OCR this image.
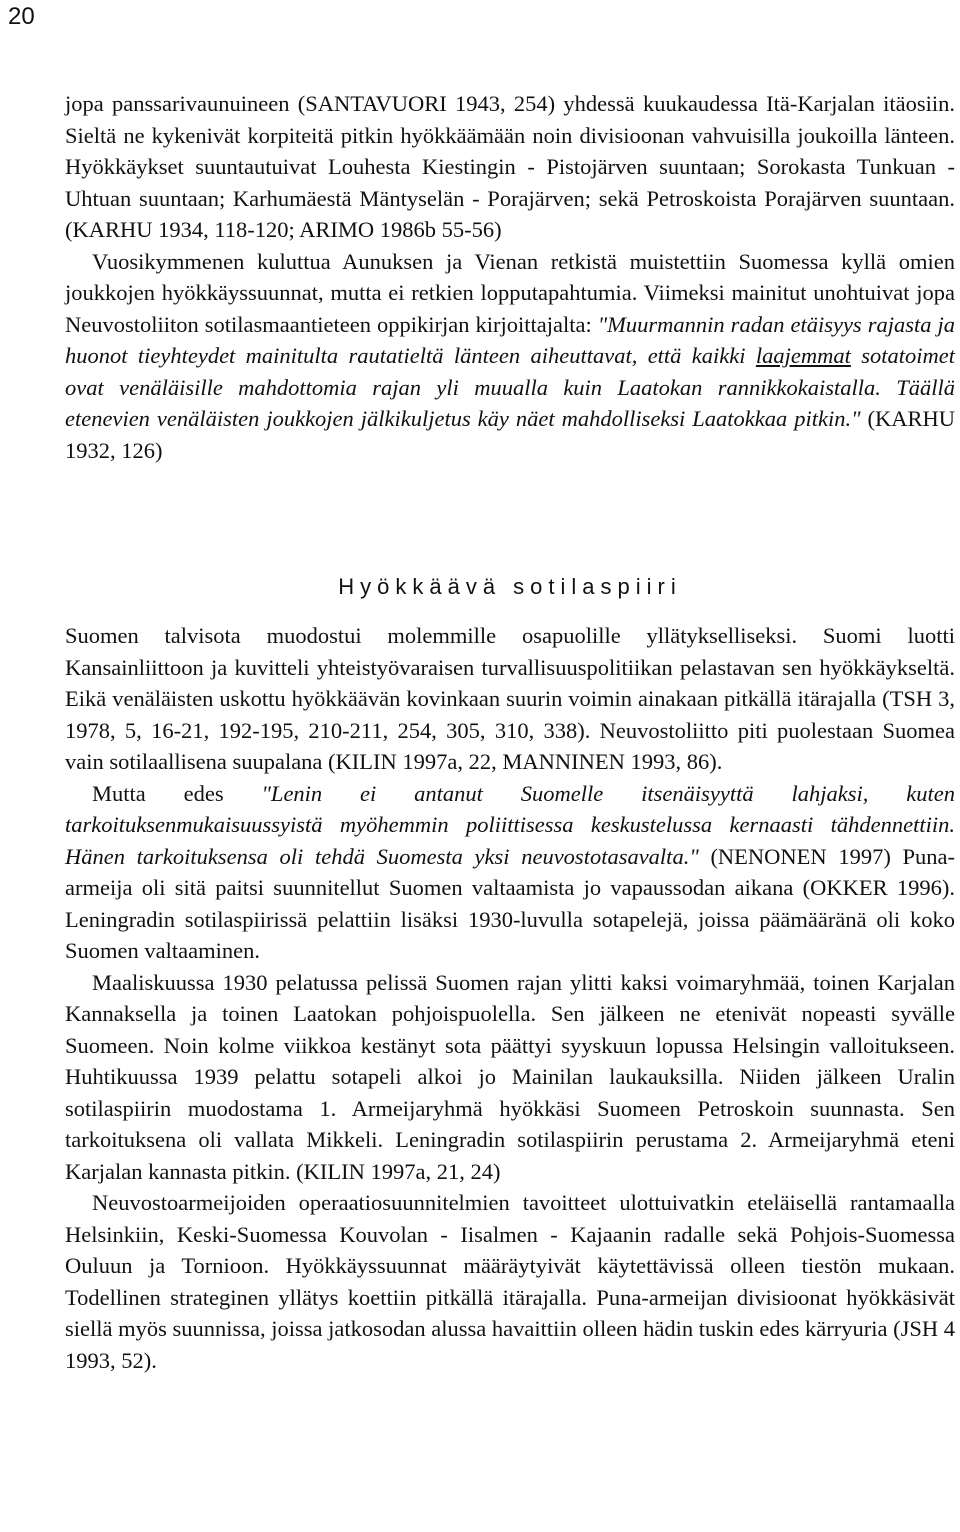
20

jopa panssarivaunuineen (SANTAVUORI 1943, 254) yhdessä kuukaudessa Itä-Karjalan itäosiin. Sieltä ne kykenivät korpiteitä pitkin hyökkäämään noin divisioonan vahvuisilla joukoilla länteen. Hyökkäykset suuntautuivat Louhesta Kiestingin - Pistojärven suuntaan; Sorokasta Tunkuan - Uhtuan suuntaan; Karhumäestä Mäntyselän - Porajärven; sekä Petroskoista Porajärven suuntaan. (KARHU 1934, 118-120; ARIMO 1986b 55-56)

Vuosikymmenen kuluttua Aunuksen ja Vienan retkistä muistettiin Suomessa kyllä omien joukkojen hyökkäyssuunnat, mutta ei retkien lopputapahtumia. Viimeksi mainitut unohtuivat jopa Neuvostoliiton sotilasmaantieteen oppikirjan kirjoittajalta: "Muurmannin radan etäisyys rajasta ja huonot tieyhteydet mainitulta rautatieltä länteen aiheuttavat, että kaikki laajemmat sotatoimet ovat venäläisille mahdottomia rajan yli muualla kuin Laatokan rannikkokaistalla. Täällä etenevien venäläisten joukkojen jälkikuljetus käy näet mahdolliseksi Laatokkaa pitkin." (KARHU 1932, 126)

Hyökkäävä sotilaspiiri

Suomen talvisota muodostui molemmille osapuolille yllätykselliseksi. Suomi luotti Kansainliittoon ja kuvitteli yhteistyövaraisen turvallisuuspolitiikan pelastavan sen hyökkäykseltä. Eikä venäläisten uskottu hyökkäävän kovinkaan suurin voimin ainakaan pitkällä itärajalla (TSH 3, 1978, 5, 16-21, 192-195, 210-211, 254, 305, 310, 338). Neuvostoliitto piti puolestaan Suomea vain sotilaallisena suupalana (KILIN 1997a, 22, MANNINEN 1993, 86).

Mutta edes "Lenin ei antanut Suomelle itsenäisyyttä lahjaksi, kuten tarkoituksenmukaisuussyistä myöhemmin poliittisessa keskustelussa kernaasti tähdennettiin. Hänen tarkoituksensa oli tehdä Suomesta yksi neuvostotasavalta." (NENONEN 1997) Puna-armeija oli sitä paitsi suunnitellut Suomen valtaamista jo vapaussodan aikana (OKKER 1996). Leningradin sotilaspiirissä pelattiin lisäksi 1930-luvulla sotapelejä, joissa päämääränä oli koko Suomen valtaaminen.

Maaliskuussa 1930 pelatussa pelissä Suomen rajan ylitti kaksi voimaryhmää, toinen Karjalan Kannaksella ja toinen Laatokan pohjoispuolella. Sen jälkeen ne etenivät nopeasti syvälle Suomeen. Noin kolme viikkoa kestänyt sota päättyi syyskuun lopussa Helsingin valloitukseen. Huhtikuussa 1939 pelattu sotapeli alkoi jo Mainilan laukauksilla. Niiden jälkeen Uralin sotilaspiirin muodostama 1. Armeijaryhmä hyökkäsi Suomeen Petroskoin suunnasta. Sen tarkoituksena oli vallata Mikkeli. Leningradin sotilaspiirin perustama 2. Armeijaryhmä eteni Karjalan kannasta pitkin. (KILIN 1997a, 21, 24)

Neuvostoarmeijoiden operaatiosuunnitelmien tavoitteet ulottuivatkin eteläisellä rantamaalla Helsinkiin, Keski-Suomessa Kouvolan - Iisalmen - Kajaanin radalle sekä Pohjois-Suomessa Ouluun ja Tornioon. Hyökkäyssuunnat määräytyivät käytettävissä olleen tiestön mukaan. Todellinen strateginen yllätys koettiin pitkällä itärajalla. Puna-armeijan divisioonat hyökkäsivät siellä myös suunnissa, joissa jatkosodan alussa havaittiin olleen hädin tuskin edes kärryuria (JSH 4 1993, 52).
